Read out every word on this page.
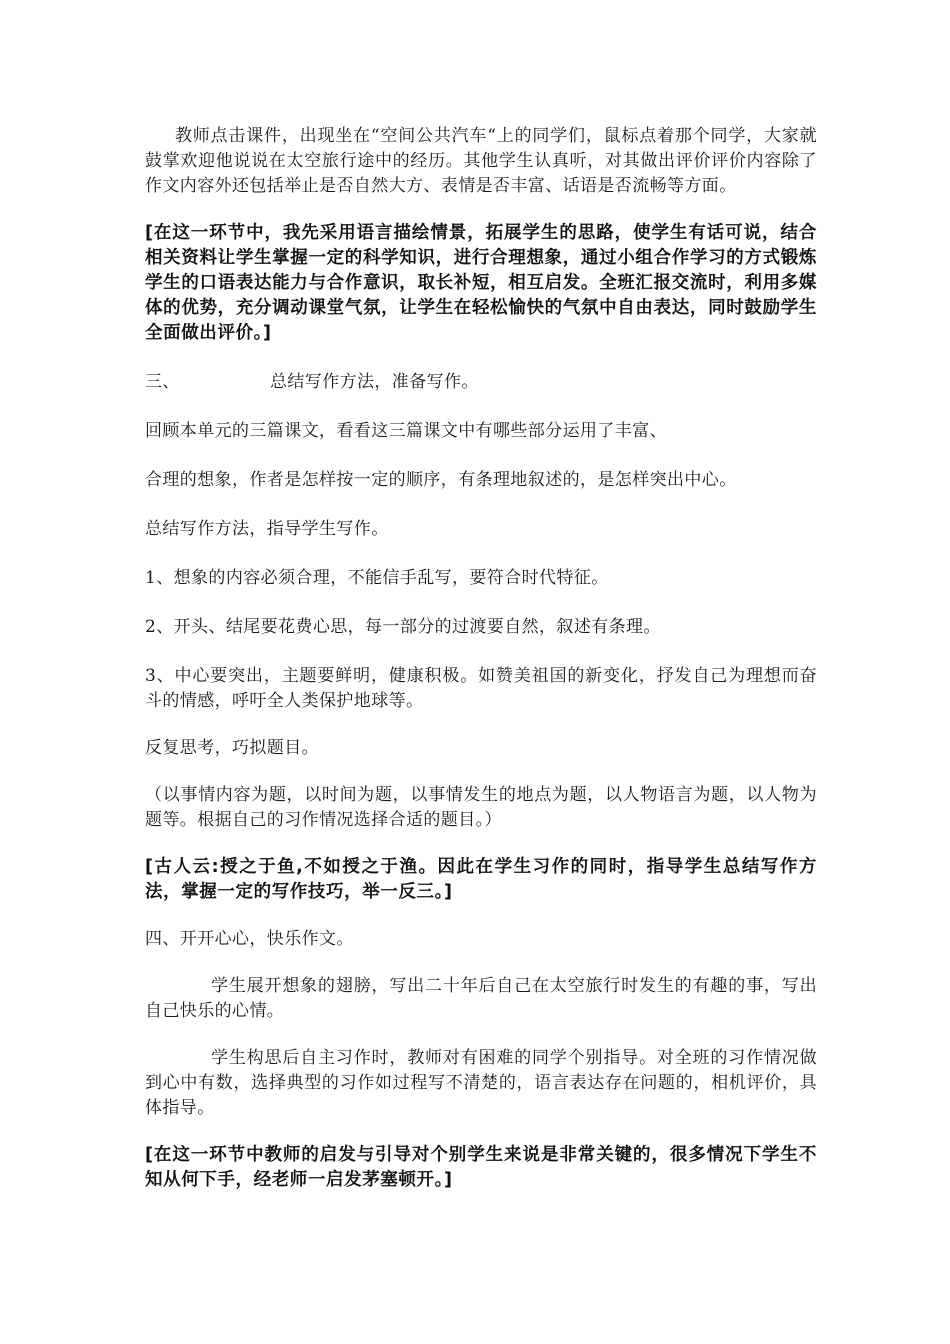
教师点击课件，出现坐在“空间公共汽车“上的同学们，鼠标点着那个同学，大家就鼓掌欢迎他说说在太空旅行途中的经历。其他学生认真听，对其做出评价评价内容除了作文内容外还包括举止是否自然大方、表情是否丰富、话语是否流畅等方面。

[在这一环节中，我先采用语言描绘情景，拓展学生的思路，使学生有话可说，结合相关资料让学生掌握一定的科学知识，进行合理想象，通过小组合作学习的方式锻炼学生的口语表达能力与合作意识，取长补短，相互启发。全班汇报交流时，利用多媒体的优势，充分调动课堂气氛，让学生在轻松愉快的气氛中自由表达，同时鼓励学生全面做出评价。]

三、	总结写作方法，准备写作。

回顾本单元的三篇课文，看看这三篇课文中有哪些部分运用了丰富、

合理的想象，作者是怎样按一定的顺序，有条理地叙述的，是怎样突出中心。

总结写作方法，指导学生写作。

1、想象的内容必须合理，不能信手乱写，要符合时代特征。

2、开头、结尾要花费心思，每一部分的过渡要自然，叙述有条理。

3、中心要突出，主题要鲜明，健康积极。如赞美祖国的新变化，抒发自己为理想而奋斗的情感，呼吁全人类保护地球等。

反复思考，巧拟题目。

（以事情内容为题，以时间为题，以事情发生的地点为题，以人物语言为题，以人物为题等。根据自己的习作情况选择合适的题目。）

[古人云:授之于鱼,不如授之于渔。因此在学生习作的同时，指导学生总结写作方法，掌握一定的写作技巧，举一反三。]

四、开开心心，快乐作文。

学生展开想象的翅膀，写出二十年后自己在太空旅行时发生的有趣的事，写出自己快乐的心情。

学生构思后自主习作时，教师对有困难的同学个别指导。对全班的习作情况做到心中有数，选择典型的习作如过程写不清楚的，语言表达存在问题的，相机评价，具体指导。

[在这一环节中教师的启发与引导对个别学生来说是非常关键的，很多情况下学生不知从何下手，经老师一启发茅塞顿开。]
